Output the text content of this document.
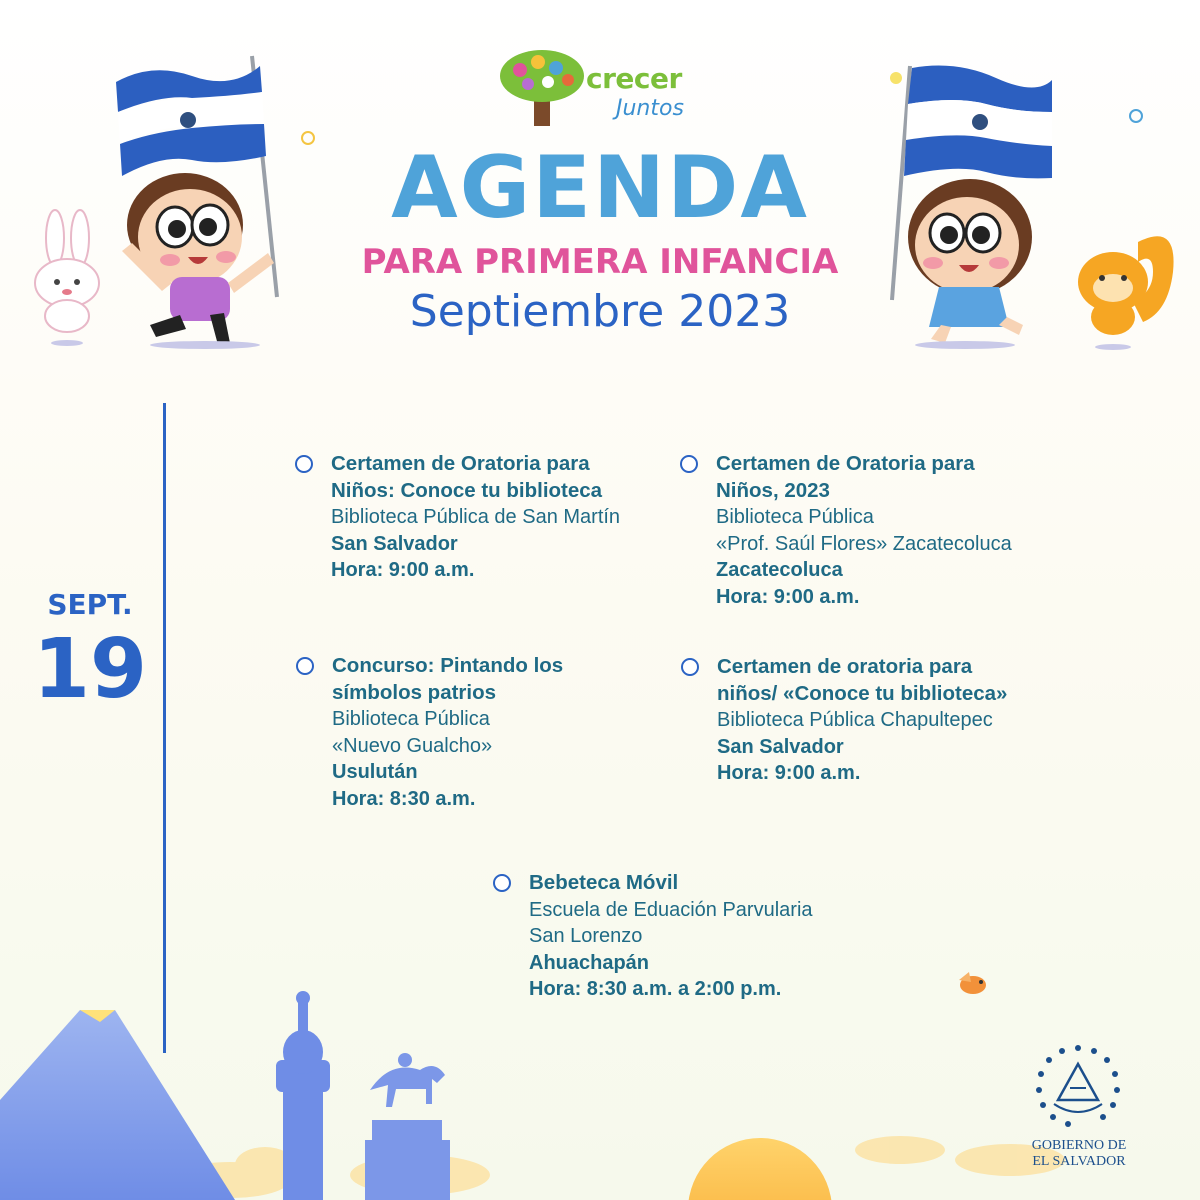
crecer
Juntos
AGENDA
PARA PRIMERA INFANCIA
Septiembre 2023
SEPT.
19
Certamen de Oratoria para
Niños: Conoce tu biblioteca
Biblioteca Pública de San Martín
San Salvador
Hora: 9:00 a.m.
Certamen de Oratoria para
Niños, 2023
Biblioteca Pública
«Prof. Saúl Flores» Zacatecoluca
Zacatecoluca
Hora: 9:00 a.m.
Concurso: Pintando los
símbolos patrios
Biblioteca Pública
«Nuevo Gualcho»
Usulután
Hora: 8:30 a.m.
Certamen de oratoria para
niños/ «Conoce tu biblioteca»
Biblioteca Pública Chapultepec
San Salvador
Hora: 9:00 a.m.
Bebeteca Móvil
Escuela de Eduación Parvularia
San Lorenzo
Ahuachapán
Hora: 8:30 a.m. a 2:00 p.m.
GOBIERNO DE
EL SALVADOR
